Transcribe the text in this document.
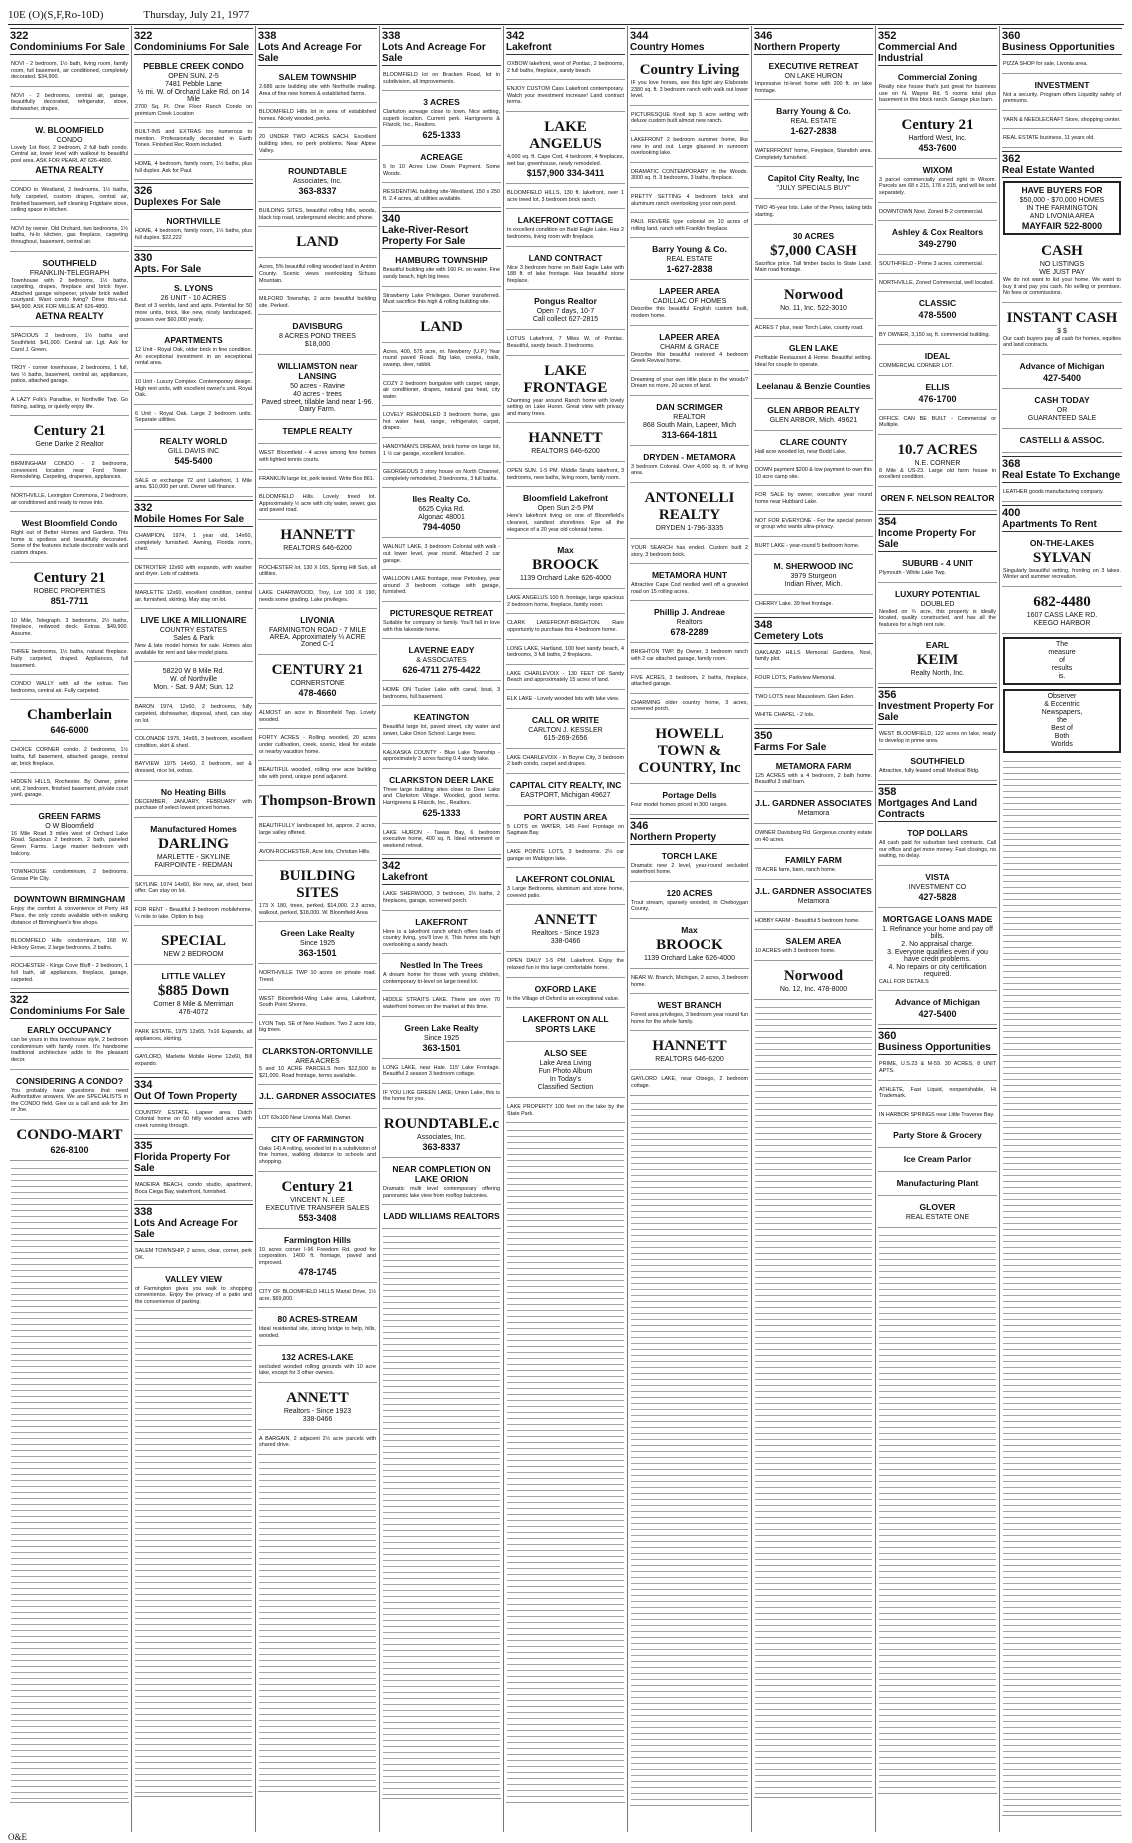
10E (O)(S,F,Ro-10D)	Thursday, July 21, 1977
322
Condominiums For Sale

NOVI - 2 bedroom, 1½ bath, living room, family room, full basement, air conditioned, completely decorated. $34,900.

NOVI - 2 bedrooms, central air, garage, beautifully decorated, refrigerator, stove, dishwasher, drapes.

W. BLOOMFIELD

CONDO

Lovely 1st floor, 2 bedroom, 2 full bath condo. Central air, lower level with walkout to beautiful pool area. ASK FOR PEARL AT 626-4800.

AETNA REALTY

CONDO in Westland, 2 bedrooms, 1½ baths, fully carpeted, custom drapes, central air, finished basement, self cleaning Frigidaire stove, ceiling space in kitchen.

NOVI by owner. Old Orchard, two bedrooms, 1½ baths, hi-lo kitchen, gas fireplace, carpeting throughout, basement, central air.

SOUTHFIELD

FRANKLIN-TELEGRAPH

Townhouse with 2 bedrooms, 1½ baths, carpeting, drapes, fireplace and brick foyer. Attached garage w/opener, private brick walled courtyard. Want condo living? Drive thru-out. $44,900. ASK FOR MILLIE AT 626-4800.

AETNA REALTY

SPACIOUS 2 bedroom, 1½ baths and Southfield. $41,000. Central air. Lgt. Ask for Carol J. Green.

TROY - corner townhouse, 2 bedrooms, 1 full, two ½ baths, basement, central air, appliances, patios, attached garage.

A LAZY Folk's Paradise, in Northville Twp. Go fishing, sailing, or quietly enjoy life.

Century 21

Gene Darke 2 Realtor

BIRMINGHAM CONDO - 2 bedrooms, convenient location near Ford Tower. Remodeling. Carpeting, draperies, appliances.

NORTHVILLE, Lexington Commons, 2 bedroom, air conditioned and ready to move into.

West Bloomfield Condo

Right out of Better Homes and Gardens. This home is spotless and beautifully decorated. Some of the features include decorator walls and custom drapes.

Century 21

ROBEC PROPERTIES

851-7711

10 Mile, Telegraph. 3 bedrooms, 2½ baths, fireplace, redwood deck. Extras. $49,900. Assume.

THREE bedrooms, 1½ baths, natural fireplace. Fully carpeted, draped. Appliances, full basement.

CONDO WALLY with all the extras. Two bedrooms, central air. Fully carpeted.

Chamberlain

646-6000

CHOICE CORNER condo. 2 bedrooms, 1½ baths, full basement, attached garage, central air, brick fireplace.

HIDDEN HILLS, Rochester. By Owner, prime unit, 2 bedroom, finished basement, private court yard, garage.

GREEN FARMS

O W Bloomfield

16 Mile Road 3 miles west of Orchard Lake Road. Spacious 2 bedroom, 2 bath, paneled Green Farms. Large master bedroom with balcony.

TOWNHOUSE condominium, 2 bedrooms. Grosse Pte City.

DOWNTOWN BIRMINGHAM

Enjoy the comfort & convenience of Perry Hill Place, the only condo available with-in walking distance of Birmingham's fine shops.

BLOOMFIELD Hills condominium, 168 W. Hickory Grove, 2 large bedrooms, 2 baths.

ROCHESTER - Kings Cove Bluff - 2 bedroom, 1 full bath, all appliances, fireplace, garage, carpeted.

322
Condominiums For Sale

EARLY OCCUPANCY

can be yours in this townhouse style, 2 bedroom condominium with family room. It's handsome traditional architecture adds to the pleasant decor.

CONSIDERING A CONDO?

You probably have questions that need Authoritative answers. We are SPECIALISTS in the CONDO field. Give us a call and ask for Jim or Joe.

CONDO-MART

626-8100

322
Condominiums For Sale

PEBBLE CREEK CONDO

OPEN SUN. 2-5

7481 Pebble Lane

½ mi. W. of Orchard Lake Rd. on 14 Mile

2700 Sq. Ft. One Floor Ranch Condo on premium Creek Location

BUILT-INS and EXTRAS too numerous to mention. Professionally decorated in Earth Tones. Finished Rec Room included.

HOME, 4 bedroom, family room, 1½ baths, plus full duplex. Ask for Paul.

326
Duplexes For Sale

NORTHVILLE

HOME, 4 bedroom, family room, 1½ baths, plus full duplex. $22,222

330
Apts. For Sale

S. LYONS

26 UNIT - 10 ACRES

Best of 3 worlds, land and apts. Potential for 50 more units, brick, like new, nicely landscaped, grosses over $60,000 yearly.

APARTMENTS

12 Unit - Royal Oak, older brick in fine condition. An exceptional investment in an exceptional rental area.

10 Unit - Luxury Complex. Contemporary design. High rent units, with excellent owner's unit. Royal Oak.

6 Unit - Royal Oak. Large 2 bedroom units. Separate utilities.

REALTY WORLD

GILL DAVIS INC

545-5400

SALE or exchange 72 unit Lakefront, 1 Mile area. $10,000 per unit. Owner will finance.

332
Mobile Homes For Sale

CHAMPION, 1974, 1 year old, 14x60, completely furnished. Awning, Florida room, shed.

DETROITER 12x60 with expando, with washer and dryer. Lots of cabinets.

MARLETTE 12x60, excellent condition, central air, furnished, skirting. May stay on lot.

LIVE LIKE A MILLIONAIRE

COUNTRY ESTATES

Sales & Park

New & late model homes for sale. Homes also available for rent and lake model plans.

58220 W 8 Mile Rd.

W. of Northville

Mon. - Sat. 9 AM; Sun. 12

BARON 1974, 12x60, 2 bedrooms, fully carpeted, dishwasher, disposal, shed, can stay on lot.

COLONADE 1975, 14x65, 3 bedroom, excellent condition, skirt & shed.

BAYVIEW 1975 14x60, 2 bedroom, set & dressed, nice lot, extras.

No Heating Bills

DECEMBER, JANUARY, FEBRUARY with purchase of select lowest priced homes.

Manufactured Homes

DARLING

MARLETTE - SKYLINE

FAIRPOINTE - REDMAN

SKYLINE 1974 14x60, like new, air, shed, best offer. Can stay on lot.

FOR RENT - Beautiful 3 bedroom mobilehome, ¼ mile to lake. Option to buy.

SPECIAL

NEW 2 BEDROOM

LITTLE VALLEY

$885 Down

Corner 8 Mile & Merriman

476-4072

PARK ESTATE, 1975 12x65, 7x16 Expando, all appliances, skirting.

GAYLORD, Marlette Mobile Home 12x60, Bill expando.

334
Out Of Town Property

COUNTRY ESTATE, Lapeer area. Dutch Colonial home on 60 hilly wooded acres with creek running through.

335
Florida Property For Sale

MADEIRA BEACH, condo studio, apartment, Boca Ciega Bay, waterfront, furnished.

338
Lots And Acreage For Sale

SALEM TOWNSHIP, 2 acres, clear, corner, perk OK.

VALLEY VIEW

of Farmington gives you walk to shopping convenience. Enjoy the privacy of a patio and the convenience of parking.

338
Lots And Acreage For Sale

SALEM TOWNSHIP

2.686 acre building site with Northville mailing. Area of fine new homes & established farms.

BLOOMFIELD Hills lot in area of established homes. Nicely wooded, perks.

20 UNDER TWO ACRES EACH. Excellent building sites, no perk problems. Near Alpine Valley.

ROUNDTABLE

Associates, Inc.

363-8337

BUILDING SITES, beautiful rolling hills, woods, black top road, underground electric and phone.

LAND

Acres, 5% beautiful rolling wooded land in Antrim County. Scenic views overlooking Schuss Mountain.

MILFORD Township, 2 acre beautiful building site. Perked.

DAVISBURG

8 ACRES POND TREES

$18,000

WILLIAMSTON near LANSING

50 acres - Ravine

40 acres - trees

Paved street, tillable land near 1-96. Dairy Farm.

TEMPLE REALTY

WEST Bloomfield - 4 acres among fine homes with lighted tennis courts.

FRANKLIN large lot, perk tested. Write Box 861.

BLOOMFIELD Hills. Lovely treed lot. Approximately ½ acre with city water, sewer, gas and paved road.

HANNETT

REALTORS 646-6200

ROCHESTER lot, 130 X 165, Spring Hill Sub, all utilities.

LAKE CHARNWOOD, Troy, Lot 100 X 190, needs some grading. Lake privileges.

LIVONIA

FARMINGTON ROAD - 7 MILE AREA. Approximately ¼ ACRE Zoned C-1

CENTURY 21

CORNERSTONE

478-4660

ALMOST an acre in Bloomfield Twp. Lovely wooded.

FORTY ACRES - Rolling wooded, 20 acres under cultivation, creek, scenic, ideal for estate or nearby vacation home.

BEAUTIFUL wooded, rolling one acre building site with pond, unique pond adjacent.

Thompson-Brown

BEAUTIFULLY landscaped lot, approx. 2 acres, large valley offered.

AVON-ROCHESTER, Acre lots, Christian Hills.

BUILDING SITES

173 X 180, trees, perked, $14,000. 2.3 acres, walkout, perked, $18,000. W. Bloomfield Area

Green Lake Realty

Since 1925

363-1501

NORTHVILLE TWP 10 acres on private road. Treed.

WEST Bloomfield-Wing Lake area, Lakefront, South Point Shores.

LYON Twp. SE of New Hudson. Two 2 acre lots, big trees.

CLARKSTON-ORTONVILLE

AREA ACRES

5 and 10 ACRE PARCELS from $12,500 to $21,000. Road frontage, terms available.

J.L. GARDNER ASSOCIATES

LOT 63x100 Near Livonia Mall. Owner.

CITY OF FARMINGTON

Oaks 14) A rolling, wooded lot in a subdivision of fine homes, walking distance to schools and shopping.

Century 21

VINCENT N. LEE

EXECUTIVE TRANSFER SALES

553-3408

Farmington Hills

10 acres corner I-96 Freedom Rd. good for corporation. 1400 ft. frontage, paved and improved.

478-1745

CITY OF BLOOMFIELD HILLS Marial Drive, 1½ acre, $69,800.

80 ACRES-STREAM

Ideal residential site, strong bridge to help, hills, wooded.

132 ACRES-LAKE

secluded wooded rolling grounds with 10 acre lake, except for 3 other owners.

ANNETT

Realtors - Since 1923

338-0466

A BARGAIN, 2 adjacent 2½ acre parcels with shared drive.

338
Lots And Acreage For Sale

BLOOMFIELD lot on Bracken Road, lot in subdivision, all improvements.

3 ACRES

Clarkston acreage close to town. Nice setting, superb location. Current perk. Harrigreens & Filarcik, Inc., Realtors.

625-1333

ACREAGE

5 to 10 Acres Low Down Payment. Some Woods.

RESIDENTIAL building site-Westland, 150 x 250 ft. 2.4 acres, all utilities available.

340
Lake-River-Resort Property For Sale

HAMBURG TOWNSHIP

Beautiful building site with 160 Ft. on water. Fine sandy beach, high big trees.

Strawberry Lake Privileges. Owner transferred. Must sacrifice this high & rolling building site.

LAND

Acres, 400, 575 acre, nr. Newberry (U.P.) Year round paved Road. Big lake, creeks, trails, swamp, deer, rabbit.

COZY 2 bedroom bungalow with carpet, range, air conditioner, drapes, natural gas heat, city water.

LOVELY REMODELED 3 bedroom home, gas hot water heat, range, refrigerator, carpet, drapes.

HANDYMAN'S DREAM, brick home on large lot, 1 ½ car garage, excellent location.

GEORGEOUS 3 story house on North Channel, completely remodeled, 3 bedrooms, 3 full baths.

Iles Realty Co.

6625 Cyka Rd.

Algonac 48001

794-4050

WALNUT LAKE, 3 bedroom Colonial with walk - out lower level, year round. Attached 2 car garage.

WALLOON LAKE frontage, near Petoskey, year around 3 bedroom cottage with garage, furnished.

PICTURESQUE RETREAT

Suitable for company or family. You'll fall in love with this lakeside home.

LAVERNE EADY

& ASSOCIATES

626-4711 275-4422

HOME ON Tucker Lake with canal, boat, 3 bedrooms, full basement.

KEATINGTON

Beautiful large lot, paved street, city water and sewer, Lake Orion School. Large trees.

KALKASKA COUNTY - Blue Lake Township - approximately 3 acres facing 0.4 sandy lake.

CLARKSTON DEER LAKE

Three large building sites close to Deer Lake and Clarkston Village. Wooded, good terms. Harrigreens & Filarcik, Inc., Realtors.

625-1333

LAKE HURON - Tawas Bay, 6 bedroom executive home, 400 sq. ft. Ideal retirement or weekend retreat.

342
Lakefront

LAKE SHERWOOD, 3 bedroom, 2½ baths, 2 fireplaces, garage, screened porch.

LAKEFRONT

Here is a lakefront ranch which offers loads of country living, you'll love it. This home sits high overlooking a sandy beach.

Nestled In The Trees

A dream home for those with young children, contemporary tri-level on large treed lot.

HIDDLE STRAITS LAKE. There are over 70 waterfront homes on the market at this time.

Green Lake Realty

Since 1925

363-1501

LONG LAKE, near Hale. 115' Lake Frontage. Beautiful 2 season 3 bedroom cottage.

IF YOU LIKE GREEN LAKE, Union Lake, this is the home for you.

ROUNDTABLE.c

Associates, Inc.

363-8337

NEAR COMPLETION ON LAKE ORION

Dramatic multi level contemporary offering panoramic lake view from rooftop balconies.

LADD WILLIAMS REALTORS

342
Lakefront

OXBOW lakefront, west of Pontiac, 2 bedrooms, 2 full baths, fireplace, sandy beach.

ENJOY CUSTOM Cass Lakefront contemporary. Watch your investment increase! Land contract terms.

LAKE ANGELUS

4,000 sq. ft. Cape Cod, 4 bedroom, 4 fireplaces, wet bar, greenhouse, newly remodeled.

$157,900 334-3411

BLOOMFIELD HILLS, 130 ft. lakefront, over 1 acre treed lot, 3 bedroom brick ranch.

LAKEFRONT COTTAGE

In excellent condition on Bald Eagle Lake. Has 2 bedrooms, living room with fireplace.

LAND CONTRACT

Nice 3 bedroom home on Bald Eagle Lake with 188 ft. of lake frontage. Has beautiful stone fireplace.

Pongus Realtor

Open 7 days, 10-7

Call collect 627-2815

LOTUS Lakefront, 7 Miles W. of Pontiac. Beautiful, sandy beach. 3 bedrooms.

LAKE FRONTAGE

Charming year around Ranch home with lovely setting on Lake Huron. Great view with privacy and many trees.

HANNETT

REALTORS 646-6200

OPEN SUN. 1-5 PM. Middle Straits lakefront, 3 bedrooms, new baths, living room, family room.

Bloomfield Lakefront

Open Sun 2-5 PM

Here's lakefront living on one of Bloomfield's cleanest, sandiest shorelines. Eye all the elegance of a 20 year old colonial home.

Max

BROOCK

1139 Orchard Lake 626-4000

LAKE ANGELUS 100 ft. frontage, large spacious 2 bedroom home, fireplace, family room.

CLARK LAKEFRONT-BRIGHTON. Rare opportunity to purchase this 4 bedroom home.

LONG LAKE, Hartland, 100 feet sandy beach, 4 bedrooms, 3 full baths, 2 fireplaces.

LAKE CHARLEVOIX - 130 FEET OF Sandy Beach and approximately 15 acres of land.

ELK LAKE - Lovely wooded lots with lake view.

CALL OR WRITE

CARLTON J. KESSLER

615-269-2656

LAKE CHARLEVOIX - In Boyne City, 3 bedroom 2 bath condo, carpet and drapes.

CAPITAL CITY REALTY, INC

EASTPORT, Michigan 49627

PORT AUSTIN AREA

5 LOTS on WATER, 145 Feet Frontage on Saginaw Bay.

LAKE POINTE LOTS, 3 bedrooms. 2½ car garage on Wabigon lake.

LAKEFRONT COLONIAL

3 Large Bedrooms, aluminum and stone home, covered patio.

ANNETT

Realtors - Since 1923

338-0466

OPEN DAILY 1-5 PM. Lakefront. Enjoy the relaxed fun in this large comfortable home.

OXFORD LAKE

In the Village of Oxford is an exceptional value.

LAKEFRONT ON ALL SPORTS LAKE

ALSO SEE

Lake Area Living

Fun Photo Album

In Today's

Classified Section

LAKE PROPERTY 100 feet on the lake by the State Park.

344
Country Homes

Country Living

IF you love horses, see this light airy Elaborate 2380 sq. ft. 3 bedroom ranch with walk out lower level.

PICTURESQUE Knoll top 5 acre setting with deluxe custom built almost new ranch.

LAKEFRONT 2 bedroom summer home, like new in and out. Large glassed in sunroom overlooking lake.

DRAMATIC CONTEMPORARY in the Woods. 3000 sq. ft. 3 bedrooms, 3 baths, fireplace.

PRETTY SETTING 4 bedroom brick and aluminum ranch overlooking your own pond.

PAUL REVERE type colonial on 10 acres of rolling land, ranch with Franklin fireplace.

Barry Young & Co.

REAL ESTATE

1-627-2838

LAPEER AREA

CADILLAC OF HOMES

Describe this beautiful English custom built, modern home.

LAPEER AREA

CHARM & GRACE

Describe this beautiful restored 4 bedroom Greek Revival home.

Dreaming of your own little place in the woods? Dream no more, 20 acres of land.

DAN SCRIMGER

REALTOR

868 South Main, Lapeer, Mich

313-664-1811

DRYDEN - METAMORA

3 bedroom Colonial. Over 4,000 sq. ft. of living area.

ANTONELLI REALTY

DRYDEN 1-796-3335

YOUR SEARCH has ended. Custom built 2 story, 3 bedroom brick.

METAMORA HUNT

Attractive Cape Cod nestled well off a graveled road on 15 rolling acres.

Phillip J. Andreae

Realtors

678-2289

BRIGHTON TWP. By Owner, 3 bedroom ranch with 2 car attached garage, family room.

FIVE ACRES, 3 bedroom, 2 baths, fireplace, attached garage.

CHARMING older country home, 3 acres, screened porch.

HOWELL TOWN & COUNTRY, Inc

Portage Dells

Four model homes priced in 300 ranges.

346
Northern Property

TORCH LAKE

Dramatic new 2 level, year-round secluded waterfront home.

120 ACRES

Trout stream, sparsely wooded, in Cheboygan County.

Max

BROOCK

1139 Orchard Lake 626-4000

NEAR W. Branch, Michigan, 2 acres, 3 bedroom home.

WEST BRANCH

Forest area privileges, 3 bedroom year round fun home for the whole family.

HANNETT

REALTORS 646-6200

GAYLORD LAKE, near Otsego, 2 bedroom cottage.

346
Northern Property

EXECUTIVE RETREAT

ON LAKE HURON

Impressive tri-level home with 200 ft. on lake frontage.

Barry Young & Co.

REAL ESTATE

1-627-2838

WATERFRONT home, Fireplace, Standish area. Completely furnished.

Capitol City Realty, Inc

"JULY SPECIALS BUY"

TWO 45-year lots. Lake of the Pines, taking bids starting.

30 ACRES

$7,000 CASH

Sacrifice price. Tall timber backs to State Land. Main road frontage.

Norwood

No. 11, Inc. 522-3010

ACRES 7 plus, near Torch Lake, county road.

GLEN LAKE

Profitable Restaurant & Home. Beautiful setting. Ideal for couple to operate.

Leelanau & Benzie Counties

GLEN ARBOR REALTY

GLEN ARBOR, Mich. 49621

CLARE COUNTY

Hall acre wooded lot, near Budd Lake.

DOWN payment $200 & low payment to own this 10 acre camp site.

FOR SALE by owner, executive year round home near Hubbard Lake.

NOT FOR EVERYONE - For the special person or group who wants ultra-privacy.

BURT LAKE - year-round 5 bedroom home.

M. SHERWOOD INC

3979 Sturgeon

Indian River, Mich.

CHERRY Lake. 39 feet frontage.

348
Cemetery Lots

OAKLAND HILLS Memorial Gardens, Novi, family plot.

FOUR LOTS, Parkview Memorial.

TWO LOTS near Mausoleum. Glen Eden.

WHITE CHAPEL - 2 lots.

350
Farms For Sale

METAMORA FARM

125 ACRES with a 4 bedroom, 2 bath home. Beautiful 3 stall barn.

J.L. GARDNER ASSOCIATES

Metamora

OWNER Davisburg Rd. Gorgeous country estate on 40 acres.

FAMILY FARM

78 ACRE farm, barn, ranch home.

J.L. GARDNER ASSOCIATES

Metamora

HOBBY FARM - Beautiful 5 bedroom home.

SALEM AREA

10 ACRES with 3 bedroom home.

Norwood

No. 12, Inc. 478-8000

352
Commercial And Industrial

Commercial Zoning

Realty nice house that's just great for business use on N. Wayne Rd. 5 rooms total plus basement in this block ranch. Garage plus barn.

Century 21

Hartford West, Inc.

453-7600

WIXOM

3 parcel commercially zoned right in Wixom. Parcels are 68 x 215, 178 x 215, and will be sold separately.

DOWNTOWN Novi. Zoned B-2 commercial.

Ashley & Cox Realtors

349-2790

SOUTHFIELD - Prime 3 acres, commercial.

NORTHVILLE, Zoned Commercial, well located.

CLASSIC

478-5500

BY OWNER, 3,150 sq. ft. commercial building.

IDEAL

COMMERCIAL CORNER LOT.

ELLIS

476-1700

OFFICE CAN BE BUILT - Commercial or Multiple.

10.7 ACRES

N.E. CORNER

8 Mile & US-23. Large old farm house in excellent condition.

OREN F. NELSON REALTOR

354
Income Property For Sale

SUBURB - 4 UNIT

Plymouth - White Lake Twp.

LUXURY POTENTIAL

DOUBLED

Nestled on ¾ acre, this property is ideally located, quality constructed, and has all the features for a high rent rule.

EARL

KEIM

Realty North, Inc.

356
Investment Property For Sale

WEST BLOOMFIELD, 122 acres on lake, ready to develop in prime area.

SOUTHFIELD

Attractive, fully leased small Medical Bldg.

358
Mortgages And Land Contracts

TOP DOLLARS

All cash paid for suburban land contracts. Call our office and get more money. Fast closings, no waiting, no delay.

VISTA

INVESTMENT CO

427-5828

MORTGAGE LOANS MADE

1. Refinance your home and pay off bills.

2. No appraisal charge.

3. Everyone qualifies even if you have credit problems.

4. No repairs or city certification required.

CALL FOR DETAILS

Advance of Michigan

427-5400

360
Business Opportunities

PRIME, U.S.23 & M-59. 30 ACRES, 8 UNIT APTS.

ATHLETE, Fast Liquid, nonperishable, Hi Trademark.

IN HARBOR SPRINGS near Little Traverse Bay.

Party Store & Grocery

Ice Cream Parlor

Manufacturing Plant

GLOVER

REAL ESTATE ONE

360
Business Opportunities

PIZZA SHOP for sale, Livonia area.

INVESTMENT

Not a security. Program offers Liquidity safety of premiums.

YARN & NEEDLECRAFT Store, shopping center.

REAL ESTATE business, 11 years old.

362
Real Estate Wanted

HAVE BUYERS FOR

$50,000 - $70,000 HOMES

IN THE FARMINGTON

AND LIVONIA AREA

MAYFAIR 522-8000

CASH

NO LISTINGS

WE JUST PAY

We do not want to list your home. We want to buy it and pay you cash. No selling or promises. No fees or commissions.

INSTANT CASH

$ $

Our cash buyers pay all cash for homes, equities and land contracts.

Advance of Michigan

427-5400

CASH TODAY

OR

GUARANTEED SALE

CASTELLI & ASSOC.

368
Real Estate To Exchange

LEATHER goods manufacturing company.

400
Apartments To Rent

ON-THE-LAKES

SYLVAN

Singularly beautiful setting, fronting on 3 lakes. Winter and summer recreation.

682-4480

1607 CASS LAKE RD.

KEEGO HARBOR

The

measure

of

results

is.

Observer

& Eccentric

Newspapers,

the

Best of

Both

Worlds

O&E
